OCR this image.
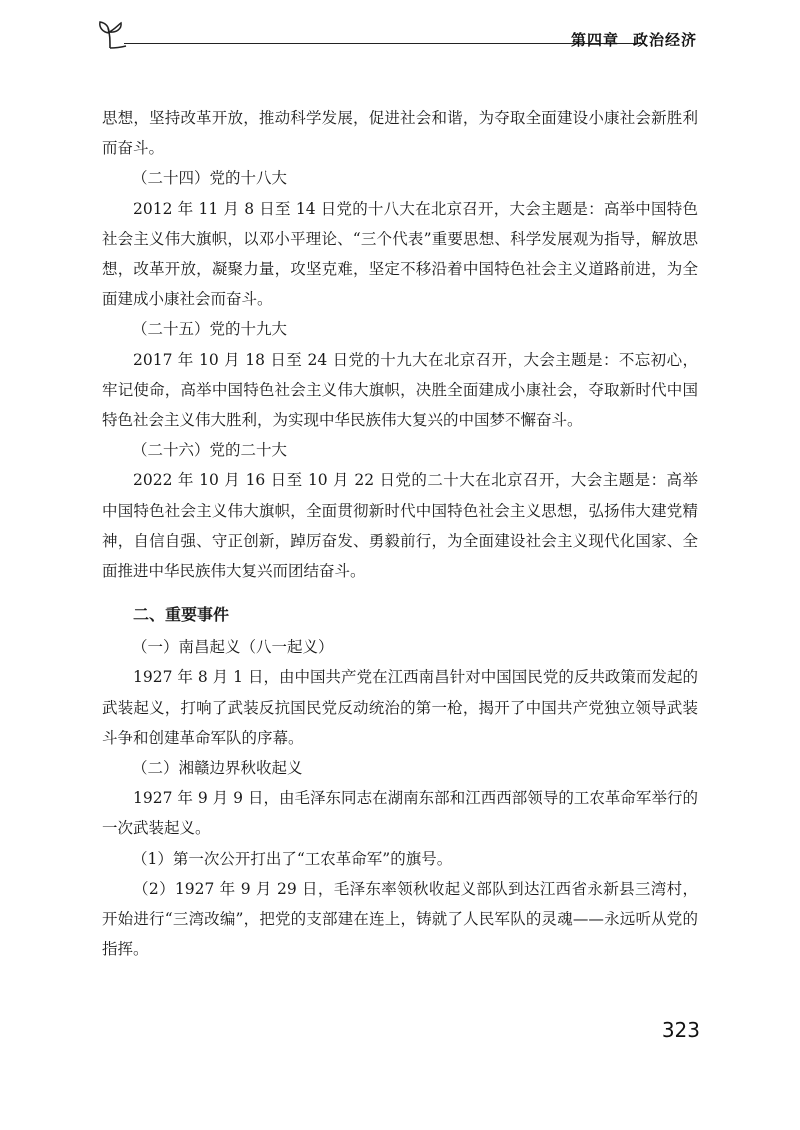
第四章 政治经济

思想，坚持改革开放，推动科学发展，促进社会和谐，为夺取全面建设小康社会新胜利而奋斗。

（二十四）党的十八大

2012 年 11 月 8 日至 14 日党的十八大在北京召开，大会主题是：高举中国特色社会主义伟大旗帜，以邓小平理论、“三个代表”重要思想、科学发展观为指导，解放思想，改革开放，凝聚力量，攻坚克难，坚定不移沿着中国特色社会主义道路前进，为全面建成小康社会而奋斗。

（二十五）党的十九大

2017 年 10 月 18 日至 24 日党的十九大在北京召开，大会主题是：不忘初心，牢记使命，高举中国特色社会主义伟大旗帜，决胜全面建成小康社会，夺取新时代中国特色社会主义伟大胜利，为实现中华民族伟大复兴的中国梦不懈奋斗。

（二十六）党的二十大

2022 年 10 月 16 日至 10 月 22 日党的二十大在北京召开，大会主题是：高举中国特色社会主义伟大旗帜，全面贯彻新时代中国特色社会主义思想，弘扬伟大建党精神，自信自强、守正创新，踔厉奋发、勇毅前行，为全面建设社会主义现代化国家、全面推进中华民族伟大复兴而团结奋斗。

二、重要事件

（一）南昌起义（八一起义）

1927 年 8 月 1 日，由中国共产党在江西南昌针对中国国民党的反共政策而发起的武装起义，打响了武装反抗国民党反动统治的第一枪，揭开了中国共产党独立领导武装斗争和创建革命军队的序幕。

（二）湘赣边界秋收起义

1927 年 9 月 9 日，由毛泽东同志在湖南东部和江西西部领导的工农革命军举行的一次武装起义。

（1）第一次公开打出了“工农革命军”的旗号。

（2）1927 年 9 月 29 日，毛泽东率领秋收起义部队到达江西省永新县三湾村，开始进行“三湾改编”，把党的支部建在连上，铸就了人民军队的灵魂——永远听从党的指挥。

323
